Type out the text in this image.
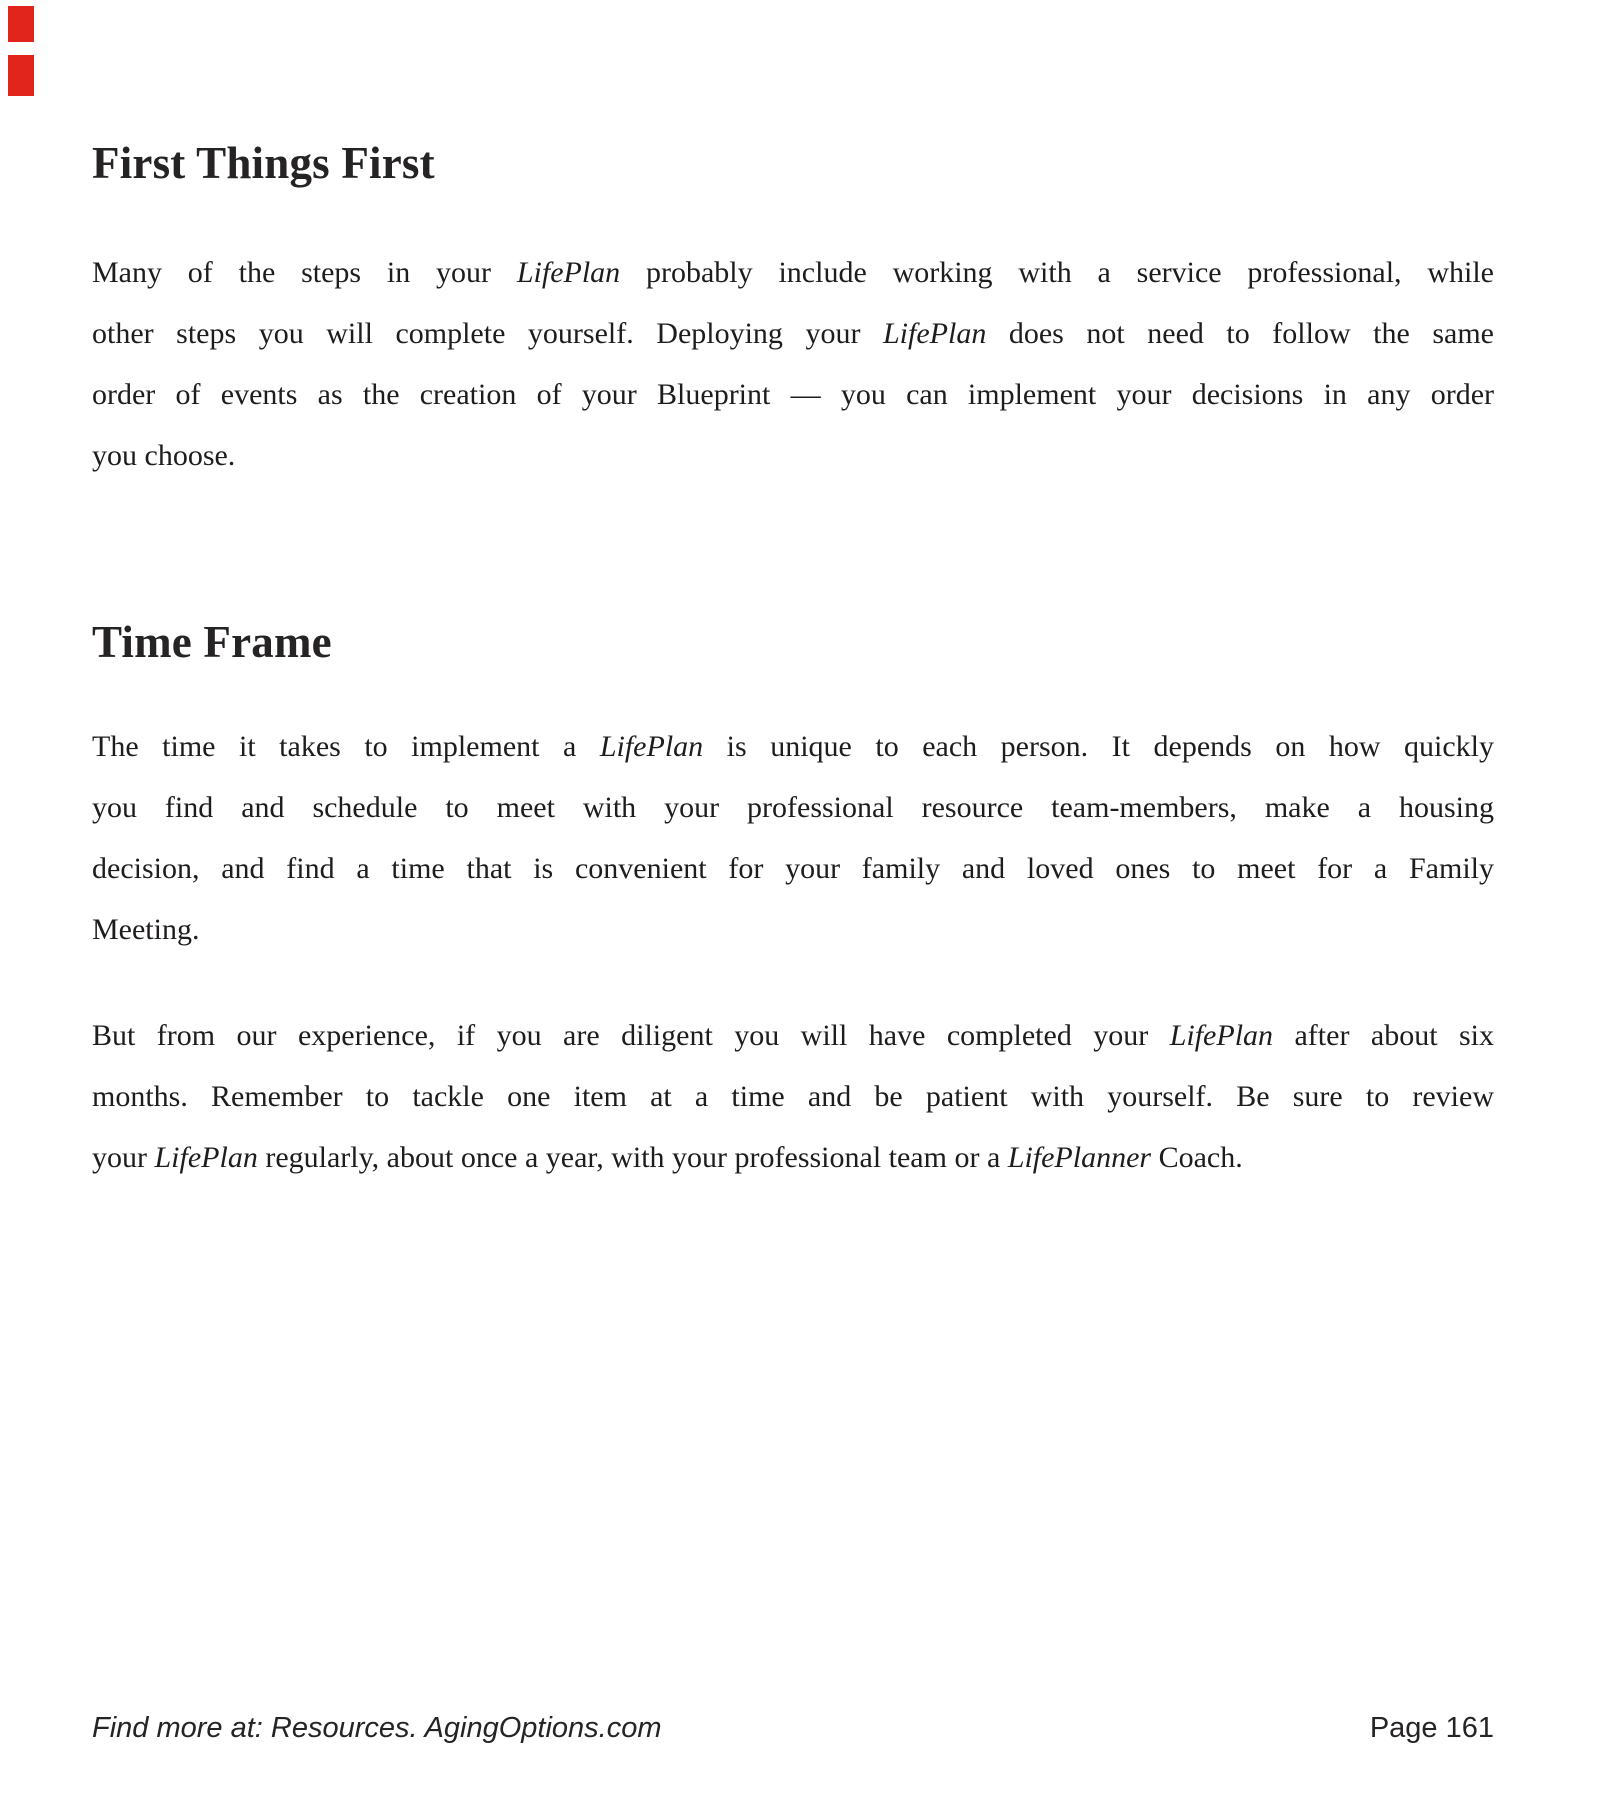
First Things First
Many of the steps in your LifePlan probably include working with a service professional, while
other steps you will complete yourself. Deploying your LifePlan does not need to follow the same
order of events as the creation of your Blueprint — you can implement your decisions in any order
you choose.
Time Frame
The time it takes to implement a LifePlan is unique to each person. It depends on how quickly
you find and schedule to meet with your professional resource team-members, make a housing
decision, and find a time that is convenient for your family and loved ones to meet for a Family
Meeting.
But from our experience, if you are diligent you will have completed your LifePlan after about six
months. Remember to tackle one item at a time and be patient with yourself. Be sure to review
your LifePlan regularly, about once a year, with your professional team or a LifePlanner Coach.
Find more at: Resources. AgingOptions.com	Page 161
